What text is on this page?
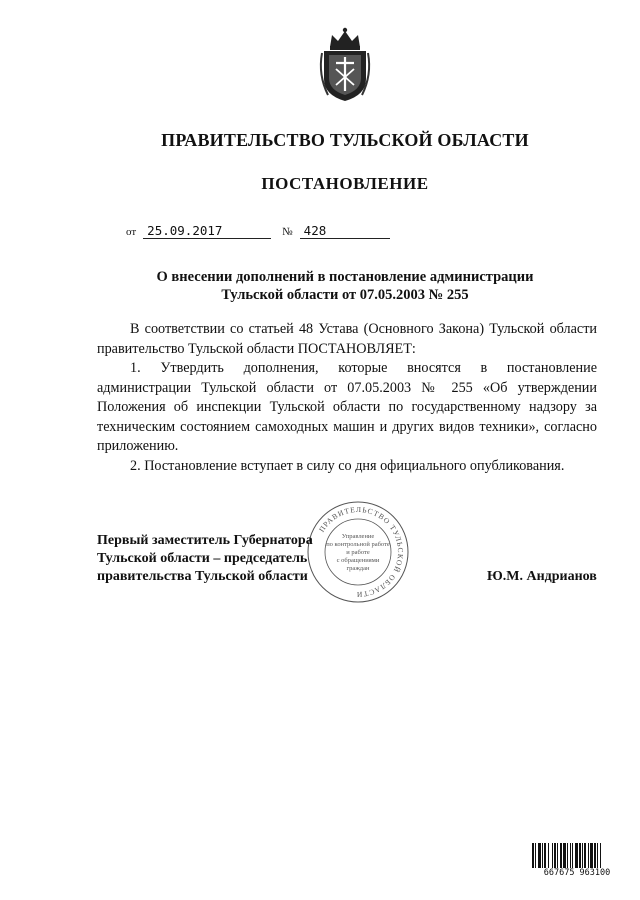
ПРАВИТЕЛЬСТВО ТУЛЬСКОЙ ОБЛАСТИ
ПОСТАНОВЛЕНИЕ
от 25.09.2017	№ 428
О внесении дополнений в постановление администрации
Тульской области от 07.05.2003 № 255

В соответствии со статьей 48 Устава (Основного Закона) Тульской области правительство Тульской области ПОСТАНОВЛЯЕТ:

1. Утвердить дополнения, которые вносятся в постановление администрации Тульской области от 07.05.2003 № 255 «Об утверждении Положения об инспекции Тульской области по государственному надзору за техническим состоянием самоходных машин и других видов техники», согласно приложению.

2. Постановление вступает в силу со дня официального опубликования.

ПРАВИТЕЛЬСТВО ТУЛЬСКОЙ ОБЛАСТИ
Управление
по контрольной работе
и работе
с обращениями
граждан
Первый заместитель Губернатора
Тульской области – председатель
правительства Тульской области	Ю.М. Андрианов
667675 963100
